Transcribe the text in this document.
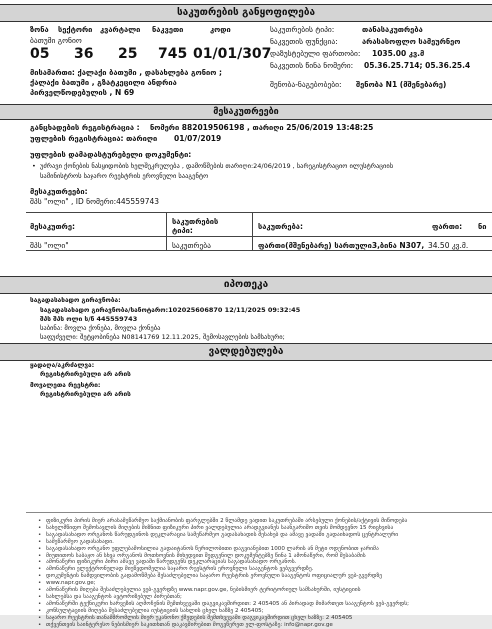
საკუთრების განყოფილება
ზონა სექტორი კვარტალი ნაკვეთი	კოდი
ბათუმი გონიო
05 36 25 745 01/01/307
მისამართი: ქალაქი ბათუმი , დასახლება გონიო ;
ქალაქი ბათუმი , გზატკეცილი ანდრია
პირველწოდებულის , N 69
საკუთრების ტიპი:	თანასაკუთრება
ნაკვეთის ფუნქცია:	არასასოფლო სამეურნეო
დაზუსტებული ფართობი: 1035.00 კვ.მ
ნაკვეთის წინა ნომერი: 05.36.25.714; 05.36.25.4
შენობა-ნაგებობები: შენობა N1 (მშენებარე)
მესაკუთრეები
განცხადების რეგისტრაცია : ნომერი 882019506198 , თარიღი 25/06/2019 13:48:25
უფლების რეგისტრაცია: თარიღი 01/07/2019
უფლების დამადასტურებელი დოკუმენტი:
• უძრავი ქონების ნასყიდობის ხელშეკრულება , დამოწმების თარიღი:24/06/2019 , სარეგისტრაციო ილუსტრაციის
სამინისტროს საჯარო რეესტრის ეროვნული სააგენტო
მესაკუთრეები:
შპს "ოლი" , ID ნომერი:445559743
მესაკუთრე:
საკუთრების ტიპი:	საკუთრება:	ფართი: ნი
შპს "ოლი"	საკუთრება	ფართი(მშენებარე) სართული3,ბინა N307, 34.50 კვ.მ.
იპოთეკა
საგადასახადო გირავნობა:
საგადასახადო გირავნობა/სანოტარო:102025606870 12/11/2025 09:32:45
შპს შპს ოლი ს/ნ 445559743
საბინა: მოვლა ქონება, მოვლა ქონება
საფუძველი: შეტყობინება N08141769 12.11.2025, შემოსავლების სამსახური;
ვალდებულება
ყადაღა/აკრძალვა:
რეგისტრირებული არ არის
მოვალეთა რეესტრი:
რეგისტრირებული არ არის
• ფიზიკური პირის მიერ არასამეწარმეო საქმიანობის ფარგლებში 2 წლამდე ვადით საკუთრებაში არსებული ქონების/აქტივის მიწოდება
• სახელმწიფო შემოსავლის მიღების მიზნით ფიზიკური პირი ვალდებულია არადგვიანეს საანგარიშო თვის მომდევნო 15 რიცხვისა
• საგადასახადო ორგანოს წარუდგინოს დეკლარაცია სამეწარმეო გადასახადის შესახებ და ამავე ვადაში გადაიხადოს ცენტრალური
• სამეწარმეო გადასახადი.
• საგადასახადო ორგანო უფლებამოსილია გადაიტანოს წერილობითი დაგვიანებით 1000 ლარის ან მეტი ოდენობით ჯარიმა
• მიუთითოს საბაჟო ან სხვა ორგანოს მოთხოვნის მიხედვით შედგენილ დოკუმენტებზე წინა 1 ამონაწერი, რომ შესაბამის
• ამონაწერი ფიზიკური პირი ამავე ვადაში წარუდგენს დეკლარაციას საგადასახადო ორგანოს.
• ამონაწერი ელექტრონულად მიუწვდომელია საჯარო რეესტრის ეროვნული სააგენტოს ვებგვერდზე.
• დოკუმენტის ნამდვილობის გადამოწმება შესაძლებელია საჯარო რეესტრის ეროვნული სააგენტოს ოფიციალურ ვებ-გვერდზე
• www.napr.gov.ge;
• ამონაწერის მიღება შესაძლებელია ვებ-გვერდზე www.napr.gov.ge, ნებისმიერ ტერიტორიულ სამსახურში, იუსტიციის
• სახლებსა და სააგენტოს ავტორიზებულ პირებთან;
• ამონაწერში ტექნიკური ხარვეზის აღმოჩენის შემთხვევაში დაგვიკავშირდით: 2 405405 ან პირადად მიმართეთ სააგენტოს ვებ-გვერდს;
• კონსულტაციის მიღება შესაძლებელია იუსტიციის სახლის ცხელ ხაზზე 2 405405;
• საჯარო რეესტრის თანამშრომლის მიერ უკანონო ქმედების შემთხვევაში დაგვიკავშირდით ცხელ ხაზზე: 2 405405
• თქვენთვის საინტერესო ნებისმიერ საკითხთან დაკავშირებით მოგვწერეთ ელ-ფოსტაზე: info@napr.gov.ge
